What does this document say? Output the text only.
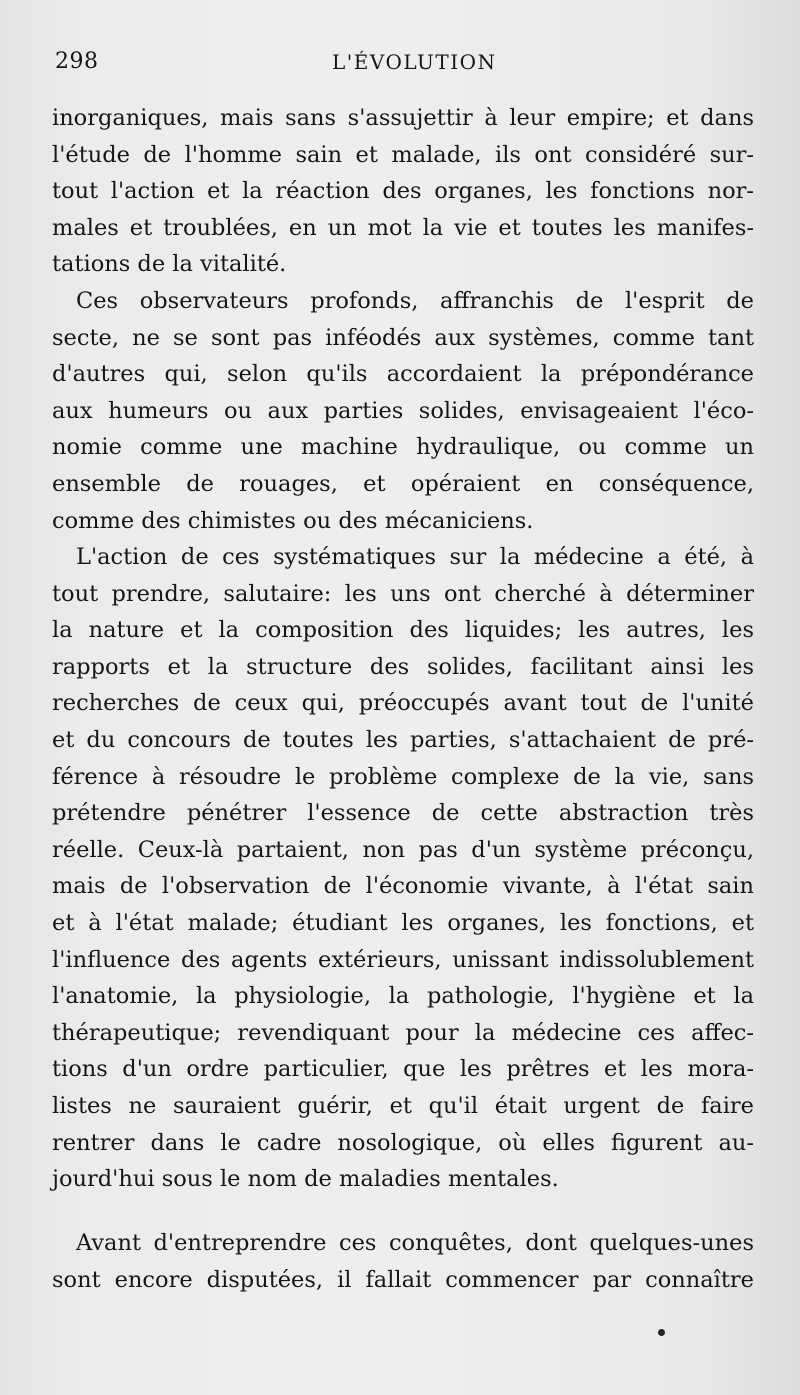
298	L'ÉVOLUTION
inorganiques, mais sans s'assujettir à leur empire; et dans
l'étude de l'homme sain et malade, ils ont considéré sur-
tout l'action et la réaction des organes, les fonctions nor-
males et troublées, en un mot la vie et toutes les manifes-
tations de la vitalité.
Ces observateurs profonds, affranchis de l'esprit de
secte, ne se sont pas inféodés aux systèmes, comme tant
d'autres qui, selon qu'ils accordaient la prépondérance
aux humeurs ou aux parties solides, envisageaient l'éco-
nomie comme une machine hydraulique, ou comme un
ensemble de rouages, et opéraient en conséquence,
comme des chimistes ou des mécaniciens.
L'action de ces systématiques sur la médecine a été, à
tout prendre, salutaire: les uns ont cherché à déterminer
la nature et la composition des liquides; les autres, les
rapports et la structure des solides, facilitant ainsi les
recherches de ceux qui, préoccupés avant tout de l'unité
et du concours de toutes les parties, s'attachaient de pré-
férence à résoudre le problème complexe de la vie, sans
prétendre pénétrer l'essence de cette abstraction très
réelle. Ceux-là partaient, non pas d'un système préconçu,
mais de l'observation de l'économie vivante, à l'état sain
et à l'état malade; étudiant les organes, les fonctions, et
l'influence des agents extérieurs, unissant indissolublement
l'anatomie, la physiologie, la pathologie, l'hygiène et la
thérapeutique; revendiquant pour la médecine ces affec-
tions d'un ordre particulier, que les prêtres et les mora-
listes ne sauraient guérir, et qu'il était urgent de faire
rentrer dans le cadre nosologique, où elles figurent au-
jourd'hui sous le nom de maladies mentales.
Avant d'entreprendre ces conquêtes, dont quelques-unes
sont encore disputées, il fallait commencer par connaître
